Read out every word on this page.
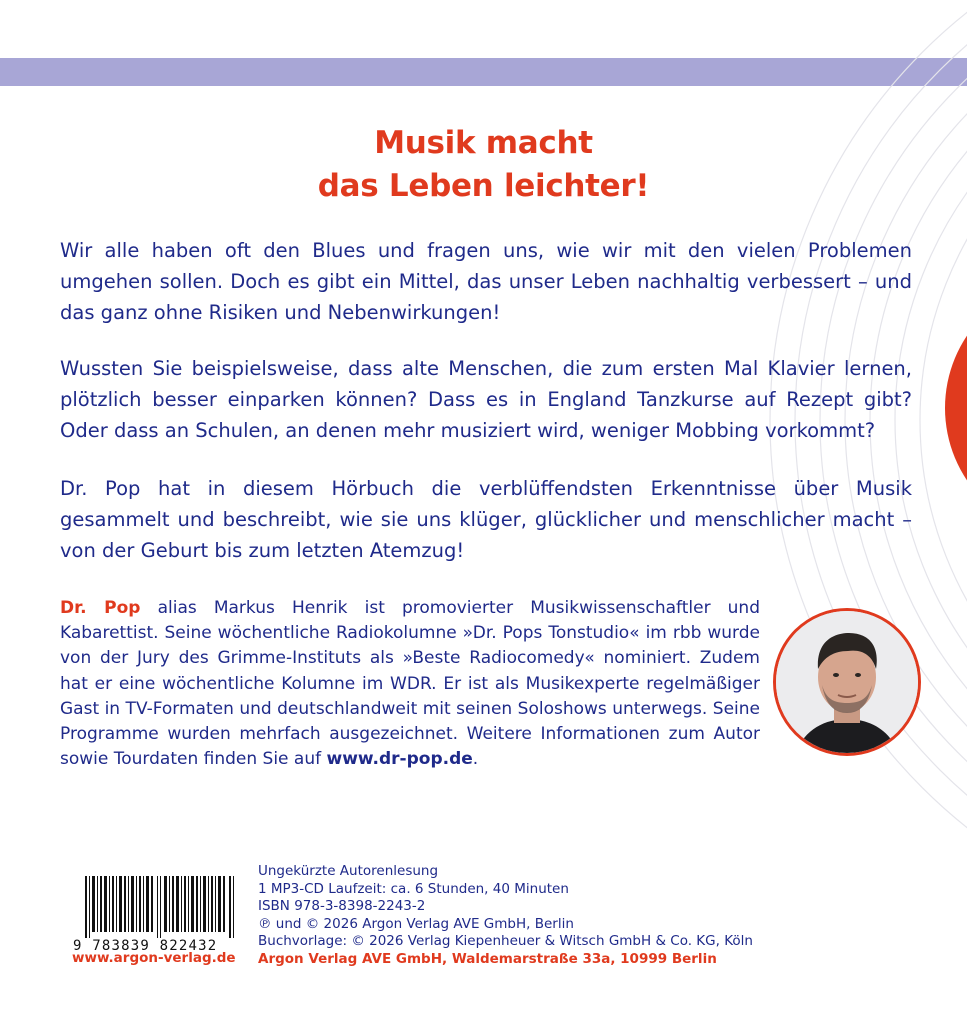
Musik macht
das Leben leichter!

Wir alle haben oft den Blues und fragen uns, wie wir mit den vielen Problemen umgehen sollen. Doch es gibt ein Mittel, das unser Leben nachhaltig verbessert – und das ganz ohne Risiken und Nebenwirkungen!

Wussten Sie beispielsweise, dass alte Menschen, die zum ersten Mal Klavier lernen, plötzlich besser einparken können? Dass es in England Tanzkurse auf Rezept gibt? Oder dass an Schulen, an denen mehr musiziert wird, weniger Mobbing vorkommt?

Dr. Pop hat in diesem Hörbuch die verblüffendsten Erkenntnisse über Musik gesammelt und beschreibt, wie sie uns klüger, glücklicher und menschlicher macht – von der Geburt bis zum letzten Atemzug!

Dr. Pop alias Markus Henrik ist promovierter Musikwissenschaftler und Kabarettist. Seine wöchentliche Radiokolumne »Dr. Pops Tonstudio« im rbb wurde von der Jury des Grimme-Instituts als »Beste Radiocomedy« nominiert. Zudem hat er eine wöchentliche Kolumne im WDR. Er ist als Musikexperte regelmäßiger Gast in TV-Formaten und deutschlandweit mit seinen Soloshows unterwegs. Seine Programme wurden mehrfach ausgezeichnet. Weitere Informationen zum Autor sowie Tourdaten finden Sie auf www.dr-pop.de.

9 783839 822432
www.argon-verlag.de
Ungekürzte Autorenlesung
1 MP3-CD Laufzeit: ca. 6 Stunden, 40 Minuten
ISBN 978-3-8398-2243-2
℗ und © 2026 Argon Verlag AVE GmbH, Berlin
Buchvorlage: © 2026 Verlag Kiepenheuer & Witsch GmbH & Co. KG, Köln
Argon Verlag AVE GmbH, Waldemarstraße 33a, 10999 Berlin
